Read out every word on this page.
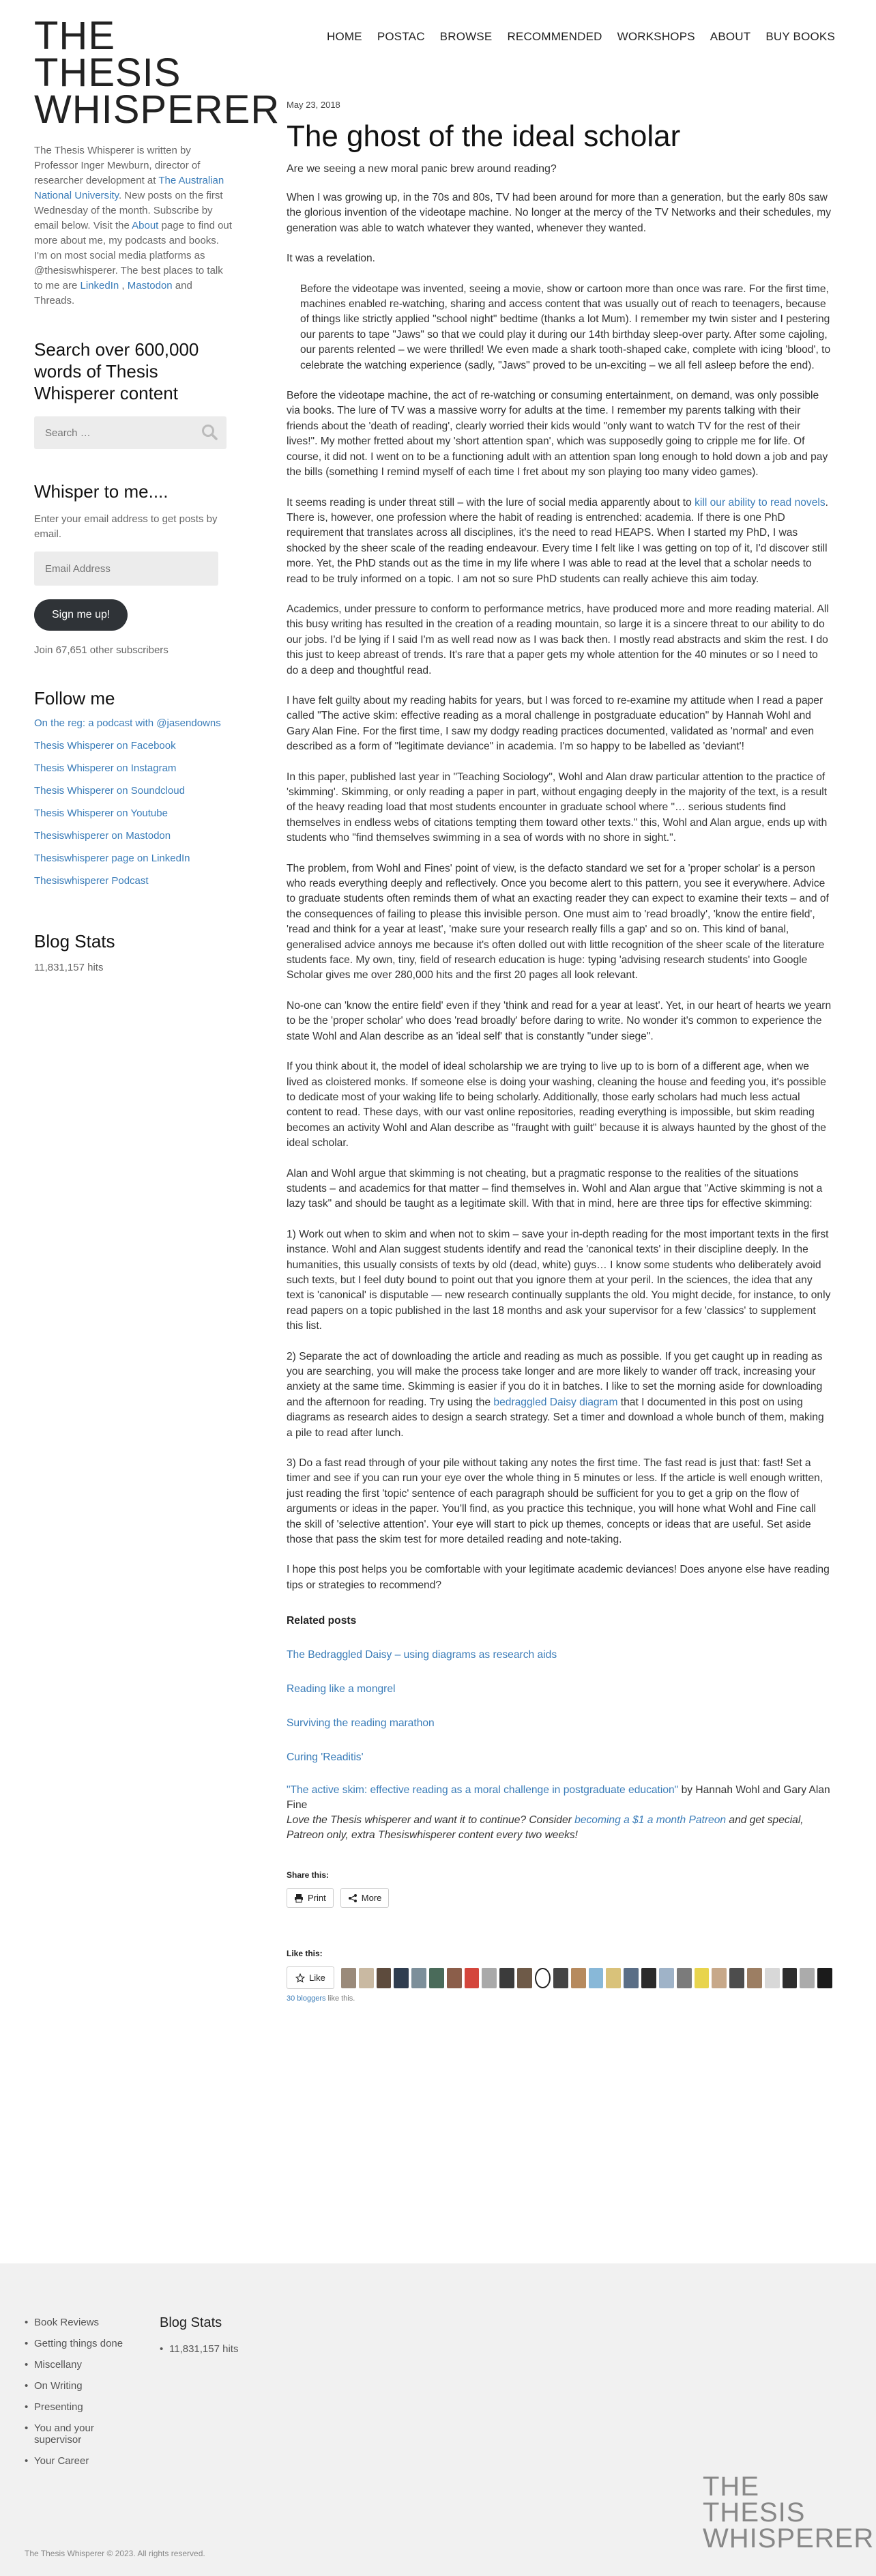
HOME POSTAC BROWSE RECOMMENDED WORKSHOPS ABOUT BUY BOOKS
THE
THESIS
WHISPERER

The Thesis Whisperer is written by Professor Inger Mewburn, director of researcher development at The Australian National University. New posts on the first Wednesday of the month. Subscribe by email below. Visit the About page to find out more about me, my podcasts and books. I'm on most social media platforms as @thesiswhisperer. The best places to talk to me are LinkedIn , Mastodon and Threads.

Search over 600,000 words of Thesis Whisperer content
Search …
Whisper to me....

Enter your email address to get posts by email.

Email Address
Sign me up!

Join 67,651 other subscribers

Follow me
On the reg: a podcast with @jasendowns
Thesis Whisperer on Facebook
Thesis Whisperer on Instagram
Thesis Whisperer on Soundcloud
Thesis Whisperer on Youtube
Thesiswhisperer on Mastodon
Thesiswhisperer page on LinkedIn
Thesiswhisperer Podcast
Blog Stats

11,831,157 hits

May 23, 2018
The ghost of the ideal scholar

Are we seeing a new moral panic brew around reading?

When I was growing up, in the 70s and 80s, TV had been around for more than a generation, but the early 80s saw the glorious invention of the videotape machine. No longer at the mercy of the TV Networks and their schedules, my generation was able to watch whatever they wanted, whenever they wanted.

It was a revelation.

Before the videotape was invented, seeing a movie, show or cartoon more than once was rare. For the first time, machines enabled re-watching, sharing and access content that was usually out of reach to teenagers, because of things like strictly applied "school night" bedtime (thanks a lot Mum). I remember my twin sister and I pestering our parents to tape "Jaws" so that we could play it during our 14th birthday sleep-over party. After some cajoling, our parents relented – we were thrilled! We even made a shark tooth-shaped cake, complete with icing 'blood', to celebrate the watching experience (sadly, "Jaws" proved to be un-exciting – we all fell asleep before the end).

Before the videotape machine, the act of re-watching or consuming entertainment, on demand, was only possible via books. The lure of TV was a massive worry for adults at the time. I remember my parents talking with their friends about the 'death of reading', clearly worried their kids would "only want to watch TV for the rest of their lives!". My mother fretted about my 'short attention span', which was supposedly going to cripple me for life. Of course, it did not. I went on to be a functioning adult with an attention span long enough to hold down a job and pay the bills (something I remind myself of each time I fret about my son playing too many video games).

It seems reading is under threat still – with the lure of social media apparently about to kill our ability to read novels. There is, however, one profession where the habit of reading is entrenched: academia. If there is one PhD requirement that translates across all disciplines, it's the need to read HEAPS. When I started my PhD, I was shocked by the sheer scale of the reading endeavour. Every time I felt like I was getting on top of it, I'd discover still more. Yet, the PhD stands out as the time in my life where I was able to read at the level that a scholar needs to read to be truly informed on a topic. I am not so sure PhD students can really achieve this aim today.

Academics, under pressure to conform to performance metrics, have produced more and more reading material. All this busy writing has resulted in the creation of a reading mountain, so large it is a sincere threat to our ability to do our jobs. I'd be lying if I said I'm as well read now as I was back then. I mostly read abstracts and skim the rest. I do this just to keep abreast of trends. It's rare that a paper gets my whole attention for the 40 minutes or so I need to do a deep and thoughtful read.

I have felt guilty about my reading habits for years, but I was forced to re-examine my attitude when I read a paper called "The active skim: effective reading as a moral challenge in postgraduate education" by Hannah Wohl and Gary Alan Fine. For the first time, I saw my dodgy reading practices documented, validated as 'normal' and even described as a form of "legitimate deviance" in academia. I'm so happy to be labelled as 'deviant'!

In this paper, published last year in "Teaching Sociology", Wohl and Alan draw particular attention to the practice of 'skimming'. Skimming, or only reading a paper in part, without engaging deeply in the majority of the text, is a result of the heavy reading load that most students encounter in graduate school where "… serious students find themselves in endless webs of citations tempting them toward other texts." this, Wohl and Alan argue, ends up with students who "find themselves swimming in a sea of words with no shore in sight.".

The problem, from Wohl and Fines' point of view, is the defacto standard we set for a 'proper scholar' is a person who reads everything deeply and reflectively. Once you become alert to this pattern, you see it everywhere. Advice to graduate students often reminds them of what an exacting reader they can expect to examine their texts – and of the consequences of failing to please this invisible person. One must aim to 'read broadly', 'know the entire field', 'read and think for a year at least', 'make sure your research really fills a gap' and so on. This kind of banal, generalised advice annoys me because it's often dolled out with little recognition of the sheer scale of the literature students face. My own, tiny, field of research education is huge: typing 'advising research students' into Google Scholar gives me over 280,000 hits and the first 20 pages all look relevant.

No-one can 'know the entire field' even if they 'think and read for a year at least'. Yet, in our heart of hearts we yearn to be the 'proper scholar' who does 'read broadly' before daring to write. No wonder it's common to experience the state Wohl and Alan describe as an 'ideal self' that is constantly "under siege".

If you think about it, the model of ideal scholarship we are trying to live up to is born of a different age, when we lived as cloistered monks. If someone else is doing your washing, cleaning the house and feeding you, it's possible to dedicate most of your waking life to being scholarly. Additionally, those early scholars had much less actual content to read. These days, with our vast online repositories, reading everything is impossible, but skim reading becomes an activity Wohl and Alan describe as "fraught with guilt" because it is always haunted by the ghost of the ideal scholar.

Alan and Wohl argue that skimming is not cheating, but a pragmatic response to the realities of the situations students – and academics for that matter – find themselves in. Wohl and Alan argue that "Active skimming is not a lazy task" and should be taught as a legitimate skill. With that in mind, here are three tips for effective skimming:

1) Work out when to skim and when not to skim – save your in-depth reading for the most important texts in the first instance. Wohl and Alan suggest students identify and read the 'canonical texts' in their discipline deeply. In the humanities, this usually consists of texts by old (dead, white) guys… I know some students who deliberately avoid such texts, but I feel duty bound to point out that you ignore them at your peril. In the sciences, the idea that any text is 'canonical' is disputable — new research continually supplants the old. You might decide, for instance, to only read papers on a topic published in the last 18 months and ask your supervisor for a few 'classics' to supplement this list.

2) Separate the act of downloading the article and reading as much as possible. If you get caught up in reading as you are searching, you will make the process take longer and are more likely to wander off track, increasing your anxiety at the same time. Skimming is easier if you do it in batches. I like to set the morning aside for downloading and the afternoon for reading. Try using the bedraggled Daisy diagram that I documented in this post on using diagrams as research aides to design a search strategy. Set a timer and download a whole bunch of them, making a pile to read after lunch.

3) Do a fast read through of your pile without taking any notes the first time. The fast read is just that: fast! Set a timer and see if you can run your eye over the whole thing in 5 minutes or less. If the article is well enough written, just reading the first 'topic' sentence of each paragraph should be sufficient for you to get a grip on the flow of arguments or ideas in the paper. You'll find, as you practice this technique, you will hone what Wohl and Fine call the skill of 'selective attention'. Your eye will start to pick up themes, concepts or ideas that are useful. Set aside those that pass the skim test for more detailed reading and note-taking.

I hope this post helps you be comfortable with your legitimate academic deviances! Does anyone else have reading tips or strategies to recommend?

Related posts
The Bedraggled Daisy – using diagrams as research aids
Reading like a mongrel
Surviving the reading marathon
Curing 'Readitis'

"The active skim: effective reading as a moral challenge in postgraduate education" by Hannah Wohl and Gary Alan Fine

Love the Thesis whisperer and want it to continue? Consider becoming a $1 a month Patreon and get special, Patreon only, extra Thesiswhisperer content every two weeks!

Share this:
Print	More
Like this:
Like

30 bloggers like this.

• Book Reviews
• Getting things done
• Miscellany
• On Writing
• Presenting
• You and your supervisor
• Your Career
Blog Stats
• 11,831,157 hits
THE
THESIS
WHISPERER
The Thesis Whisperer © 2023. All rights reserved.
